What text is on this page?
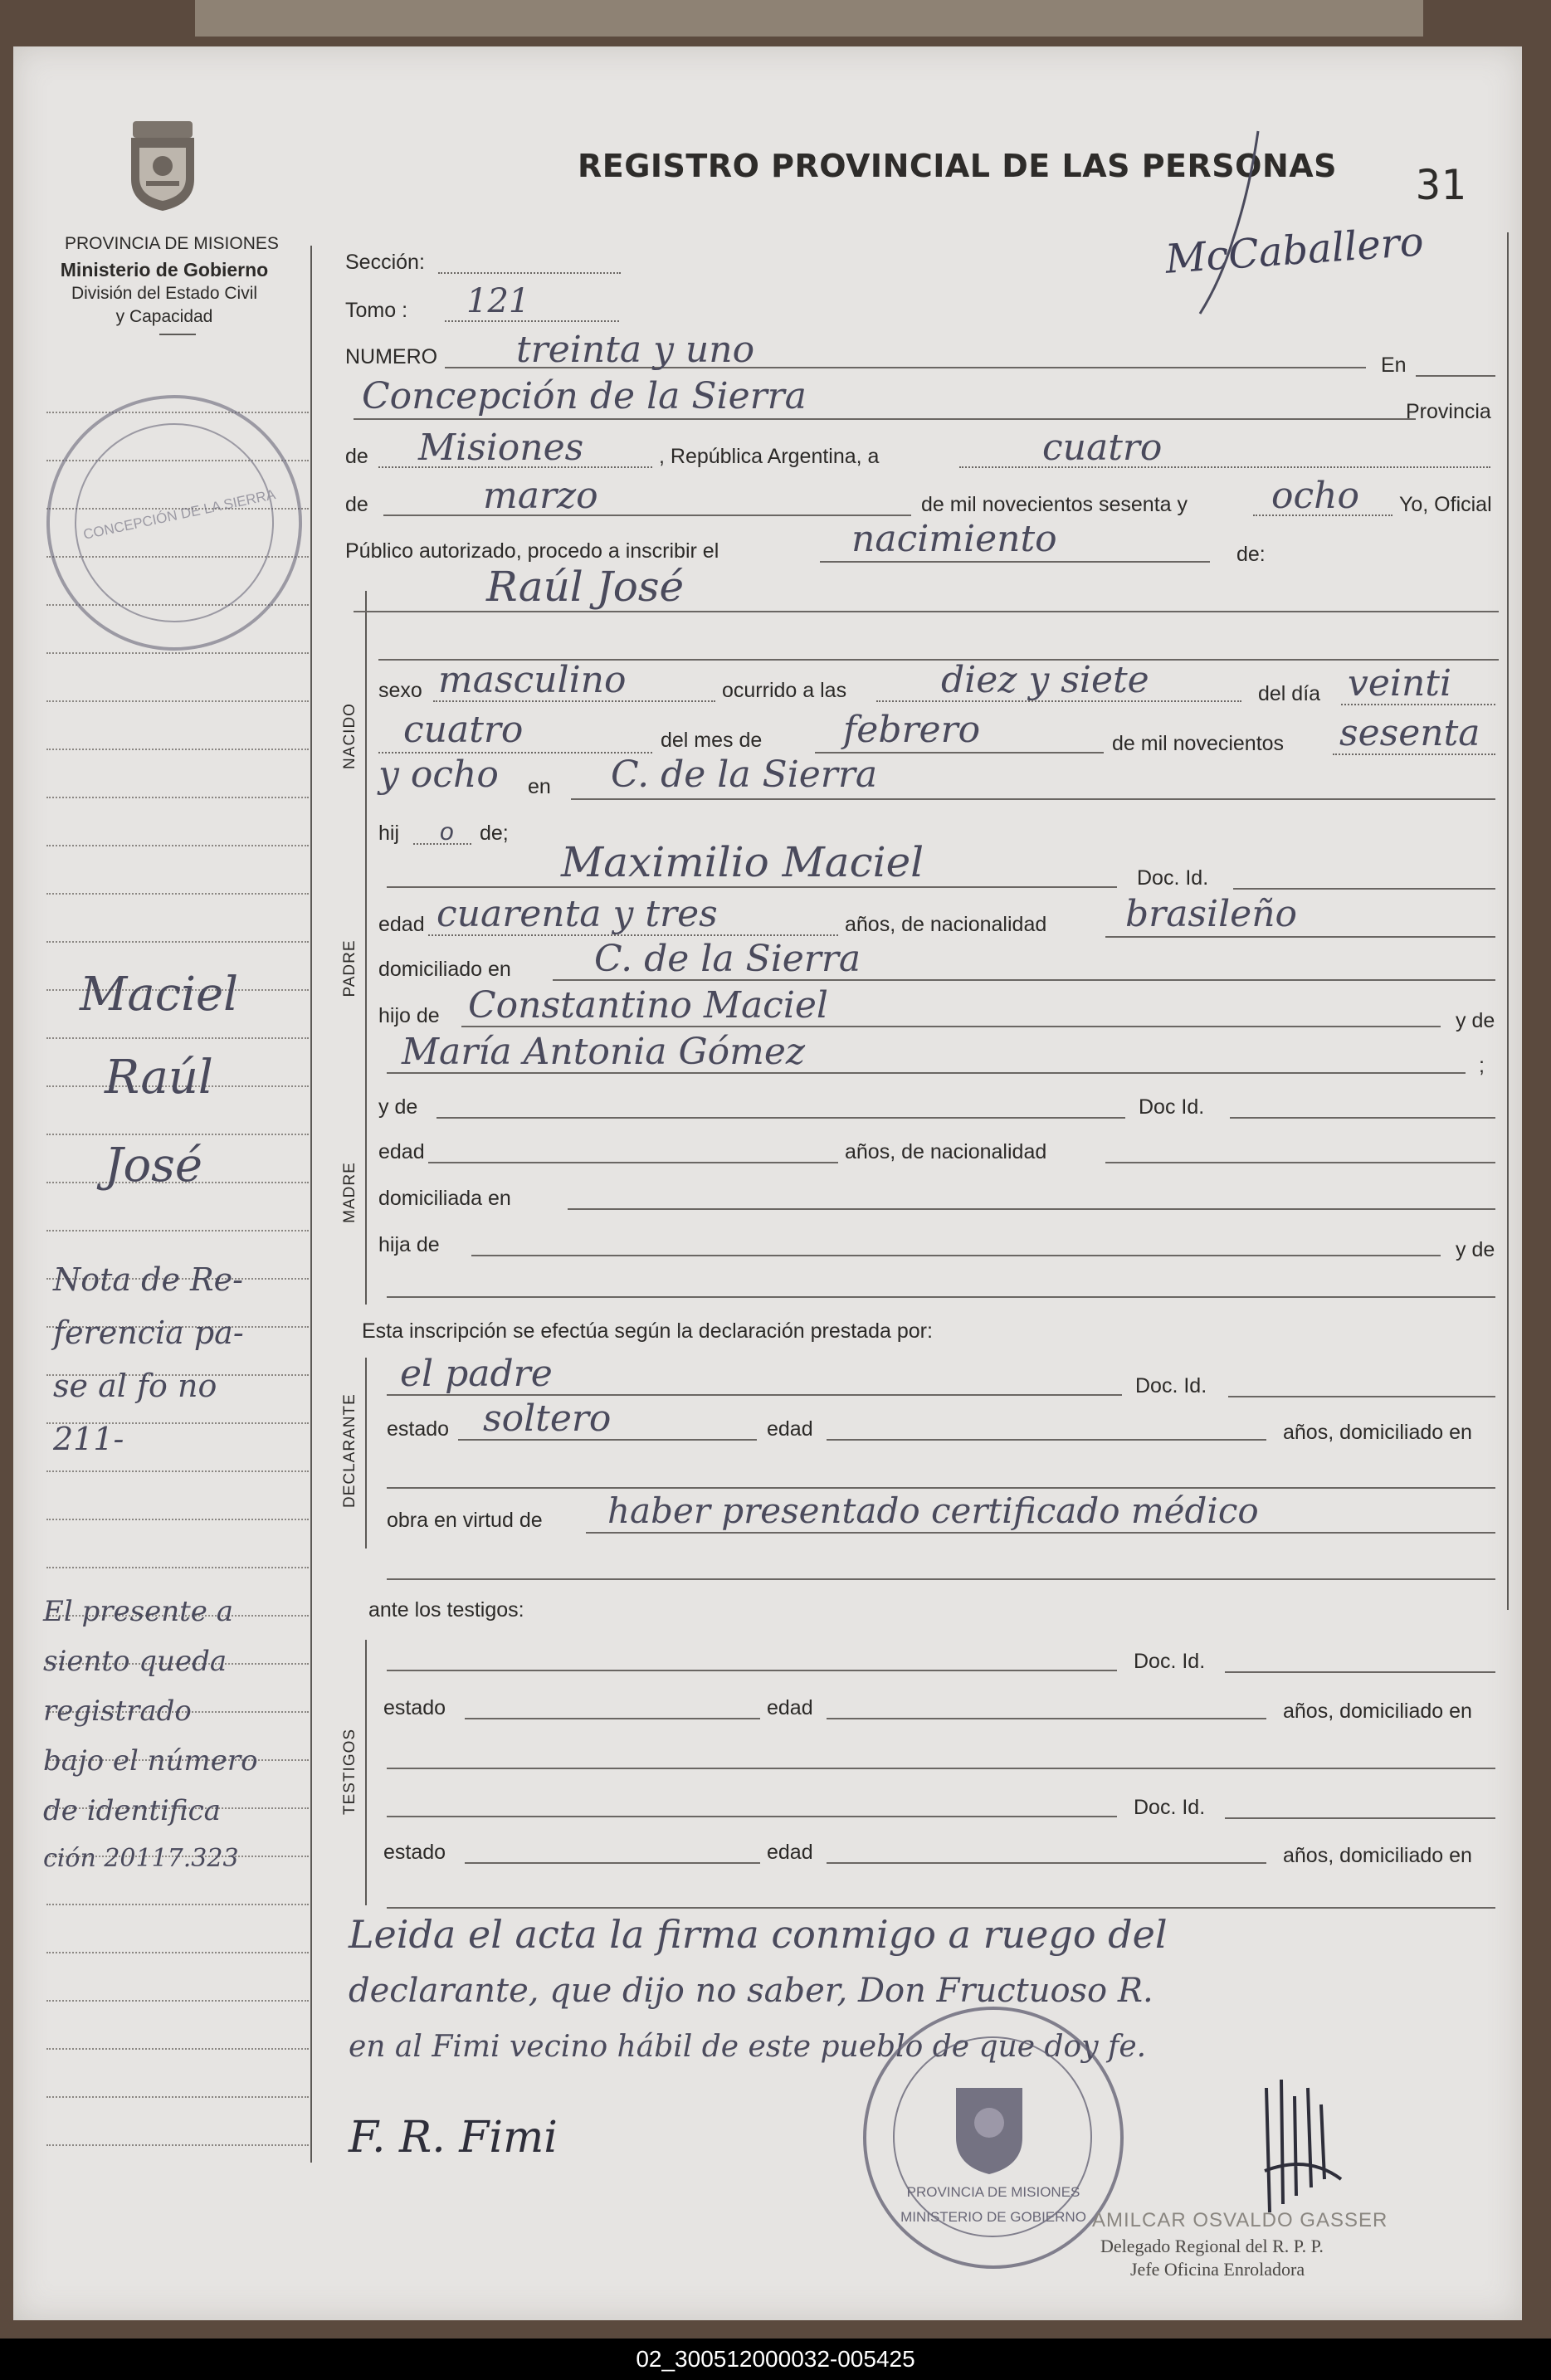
PROVINCIA DE MISIONES
Ministerio de Gobierno
División del Estado Civil
y Capacidad
REGISTRO PROVINCIAL DE LAS PERSONAS 31
McCaballero
CONCEPCIÓN DE LA SIERRA
Maciel
Raúl
José
Nota de Re-
ferencia pa-
se al fo no
211-
El presente a
siento queda
registrado
bajo el número
de identifica
ción 20117.323
Sección:
Tomo : 121
NUMERO treinta y uno	En
Concepción de la Sierra	Provincia
de Misiones	, República Argentina, a	cuatro
de	marzo	de mil novecientos sesenta y ocho Yo, Oficial
Público autorizado, procedo a inscribir el	nacimiento	de:
Raúl José
NACIDO
sexo masculino	ocurrido a las	diez y siete	del día veinti
cuatro	del mes de febrero	de mil novecientos sesenta
y ocho en C. de la Sierra
hij o de;
PADRE
Maximilio Maciel	Doc. Id.
edad cuarenta y tres	años, de nacionalidad brasileño
domiciliado en C. de la Sierra
hijo de Constantino Maciel	y de
María Antonia Gómez	;
MADRE
y de	Doc Id.
edad	años, de nacionalidad
domiciliada en
hija de	y de
Esta inscripción se efectúa según la declaración prestada por:
DECLARANTE
el padre	Doc. Id.
estado soltero	edad	años, domiciliado en
obra en virtud de haber presentado certificado médico
ante los testigos:
TESTIGOS
Doc. Id.
estado	edad	años, domiciliado en
Doc. Id.
estado	edad	años, domiciliado en
Leida el acta la firma conmigo a ruego del
declarante, que dijo no saber, Don Fructuoso R.
en al Fimi vecino hábil de este pueblo de que doy fe.
F. R. Fimi
MINISTERIO DE GOBIERNO
PROVINCIA DE MISIONES
AMILCAR OSVALDO GASSER
Delegado Regional del R. P. P.
Jefe Oficina Enroladora
02_300512000032-005425
